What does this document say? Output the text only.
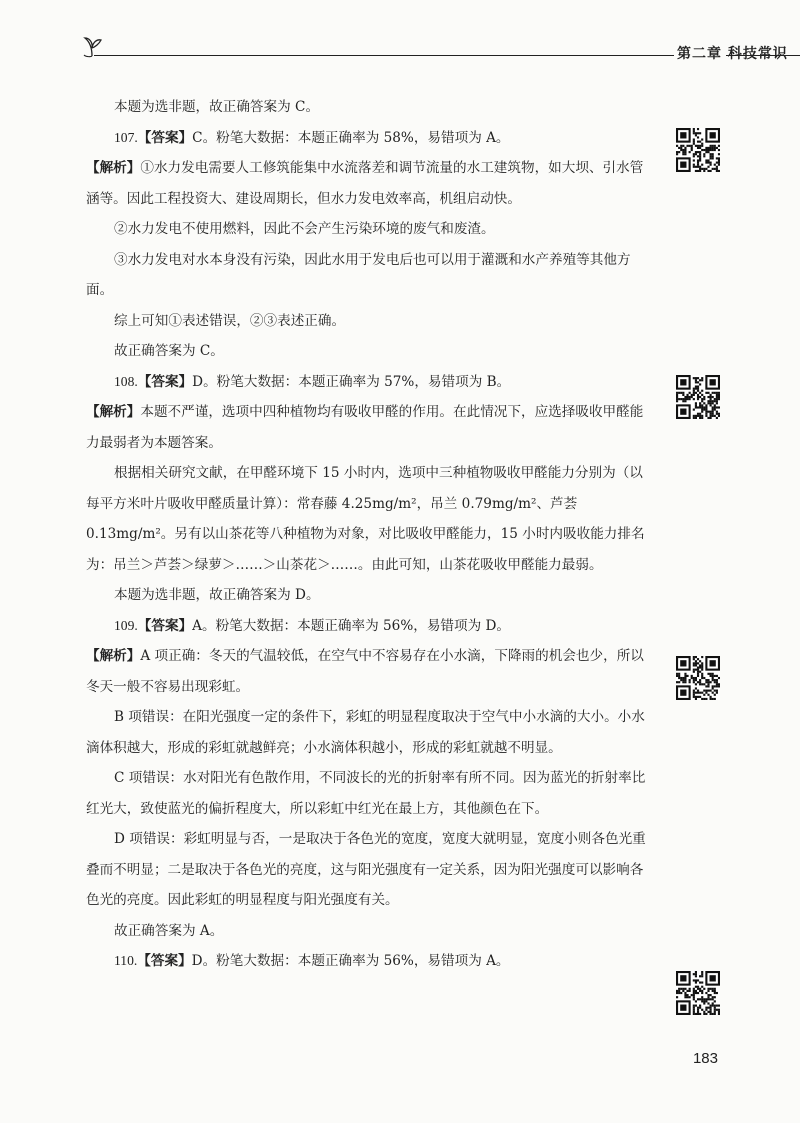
第二章 科技常识

本题为选非题，故正确答案为 C。

107.【答案】C。粉笔大数据：本题正确率为 58%，易错项为 A。

【解析】①水力发电需要人工修筑能集中水流落差和调节流量的水工建筑物，如大坝、引水管涵等。因此工程投资大、建设周期长，但水力发电效率高，机组启动快。

②水力发电不使用燃料，因此不会产生污染环境的废气和废渣。

③水力发电对水本身没有污染，因此水用于发电后也可以用于灌溉和水产养殖等其他方面。

综上可知①表述错误，②③表述正确。

故正确答案为 C。

108.【答案】D。粉笔大数据：本题正确率为 57%，易错项为 B。

【解析】本题不严谨，选项中四种植物均有吸收甲醛的作用。在此情况下，应选择吸收甲醛能力最弱者为本题答案。

根据相关研究文献，在甲醛环境下 15 小时内，选项中三种植物吸收甲醛能力分别为（以每平方米叶片吸收甲醛质量计算）：常春藤 4.25mg/m²，吊兰 0.79mg/m²、芦荟 0.13mg/m²。另有以山茶花等八种植物为对象，对比吸收甲醛能力，15 小时内吸收能力排名为：吊兰＞芦荟＞绿萝＞……＞山茶花＞……。由此可知，山茶花吸收甲醛能力最弱。

本题为选非题，故正确答案为 D。

109.【答案】A。粉笔大数据：本题正确率为 56%，易错项为 D。

【解析】A 项正确：冬天的气温较低，在空气中不容易存在小水滴，下降雨的机会也少，所以冬天一般不容易出现彩虹。

B 项错误：在阳光强度一定的条件下，彩虹的明显程度取决于空气中小水滴的大小。小水滴体积越大，形成的彩虹就越鲜亮；小水滴体积越小，形成的彩虹就越不明显。

C 项错误：水对阳光有色散作用，不同波长的光的折射率有所不同。因为蓝光的折射率比红光大，致使蓝光的偏折程度大，所以彩虹中红光在最上方，其他颜色在下。

D 项错误：彩虹明显与否，一是取决于各色光的宽度，宽度大就明显，宽度小则各色光重叠而不明显；二是取决于各色光的亮度，这与阳光强度有一定关系，因为阳光强度可以影响各色光的亮度。因此彩虹的明显程度与阳光强度有关。

故正确答案为 A。

110.【答案】D。粉笔大数据：本题正确率为 56%，易错项为 A。

183
